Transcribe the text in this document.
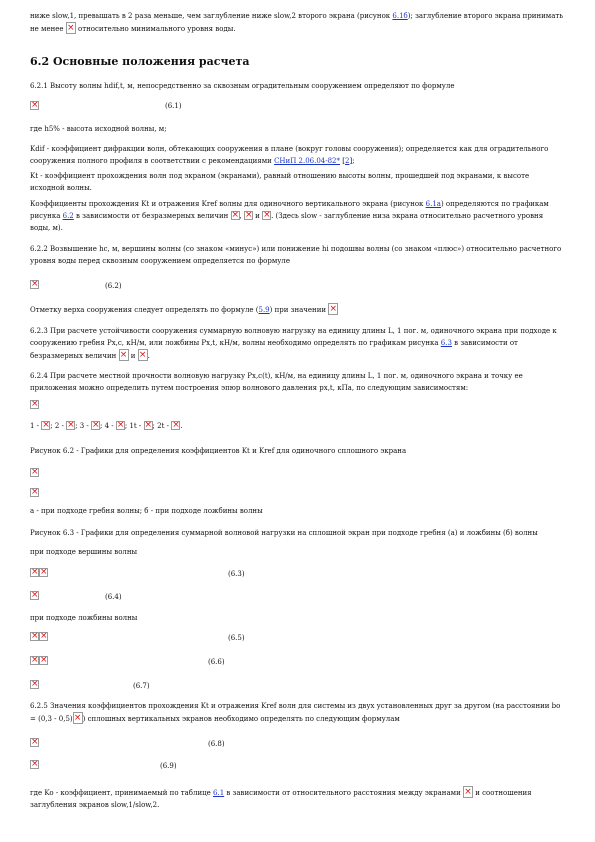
ниже slow,1, превышать в 2 раза меньше, чем заглубление ниже slow,2 второго экрана (рисунок 6.1б); заглубление второго экрана принимать не менее × относительно минимального уровня воды.
6.2 Основные положения расчета
6.2.1 Высоту волны hdif,t, м, непосредственно за сквозным оградительным сооружением определяют по формуле
×
(6.1)
где h5% - высота исходной волны, м;
Kdif - коэффициент дифракции волн, обтекающих сооружения в плане (вокруг головы сооружения); определяется как для оградительного сооружения полного профиля в соответствии с рекомендациями СНиП 2.06.04-82* [2];
Kt - коэффициент прохождения волн под экраном (экранами), равный отношению высоты волны, прошедшей под экранами, к высоте исходной волны.
Коэффициенты прохождения Kt и отражения Kref волны для одиночного вертикального экрана (рисунок 6.1а) определяются по графикам рисунка 6.2 в зависимости от безразмерных величин ×, × и ×. (Здесь slow - заглубление низа экрана относительно расчетного уровня воды, м).
6.2.2 Возвышение hc, м, вершины волны (со знаком «минус») или понижение hi подошвы волны (со знаком «плюс») относительно расчетного уровня воды перед сквозным сооружением определяется по формуле
×
(6.2)
Отметку верха сооружения следует определять по формуле (5.9) при значении ×
6.2.3 При расчете устойчивости сооружения суммарную волновую нагрузку на единицу длины L, 1 пог. м, одиночного экрана при подходе к сооружению гребня Px,c, кН/м, или ложбины Px,t, кН/м, волны необходимо определять по графикам рисунка 6.3 в зависимости от безразмерных величин × и ×.
6.2.4 При расчете местной прочности волновую нагрузку Px,c(t), кН/м, на единицу длины L, 1 пог. м, одиночного экрана и точку ее приложения можно определить путем построения эпюр волнового давления px,t, кПа, по следующим зависимостям:
×
1 - ×; 2 - ×; 3 - ×; 4 - ×; 1t - ×; 2t - ×.
Рисунок 6.2 - Графики для определения коэффициентов Kt и Kref для одиночного сплошного экрана
×
×
а - при подходе гребня волны; б - при подходе ложбины волны
Рисунок 6.3 - Графики для определения суммарной волновой нагрузки на сплошной экран при подходе гребня (а) и ложбины (б) волны
при подходе вершины волны
××
(6.3)
×
(6.4)
при подходе ложбины волны
××
(6.5)
××
(6.6)
×
(6.7)
6.2.5 Значения коэффициентов прохождения Kt и отражения Kref волн для системы из двух установленных друг за другом (на расстоянии bo = (0,3 - 0,5)× ) сплошных вертикальных экранов необходимо определять по следующим формулам
×
(6.8)
×
(6.9)
где Ko - коэффициент, принимаемый по таблице 6.1 в зависимости от относительного расстояния между экранами × и соотношения заглубления экранов slow,1/slow,2.
